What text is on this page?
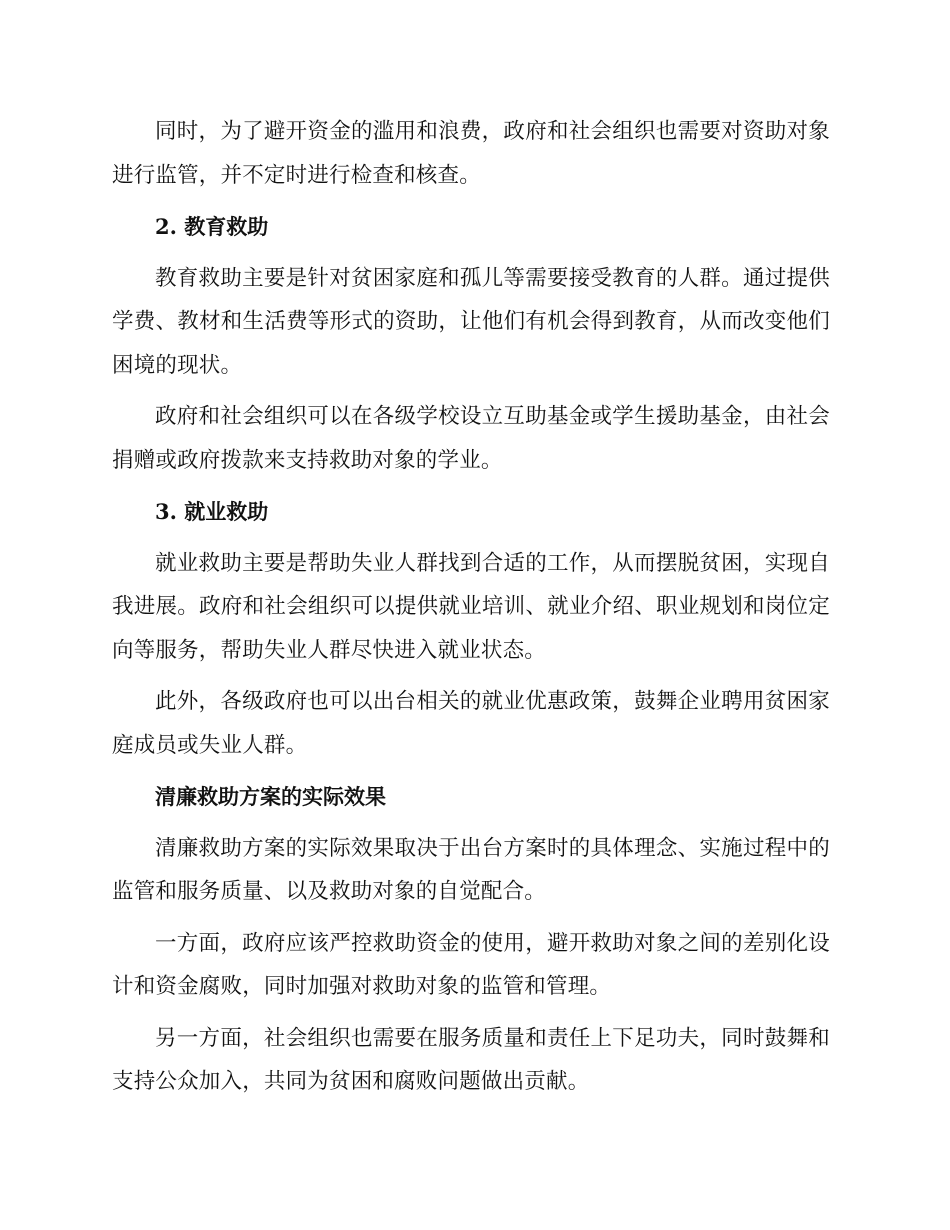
同时，为了避开资金的滥用和浪费，政府和社会组织也需要对资助对象进行监管，并不定时进行检查和核查。

2. 教育救助

教育救助主要是针对贫困家庭和孤儿等需要接受教育的人群。通过提供学费、教材和生活费等形式的资助，让他们有机会得到教育，从而改变他们困境的现状。

政府和社会组织可以在各级学校设立互助基金或学生援助基金，由社会捐赠或政府拨款来支持救助对象的学业。

3. 就业救助

就业救助主要是帮助失业人群找到合适的工作，从而摆脱贫困，实现自我进展。政府和社会组织可以提供就业培训、就业介绍、职业规划和岗位定向等服务，帮助失业人群尽快进入就业状态。

此外，各级政府也可以出台相关的就业优惠政策，鼓舞企业聘用贫困家庭成员或失业人群。

清廉救助方案的实际效果

清廉救助方案的实际效果取决于出台方案时的具体理念、实施过程中的监管和服务质量、以及救助对象的自觉配合。

一方面，政府应该严控救助资金的使用，避开救助对象之间的差别化设计和资金腐败，同时加强对救助对象的监管和管理。

另一方面，社会组织也需要在服务质量和责任上下足功夫，同时鼓舞和支持公众加入，共同为贫困和腐败问题做出贡献。
